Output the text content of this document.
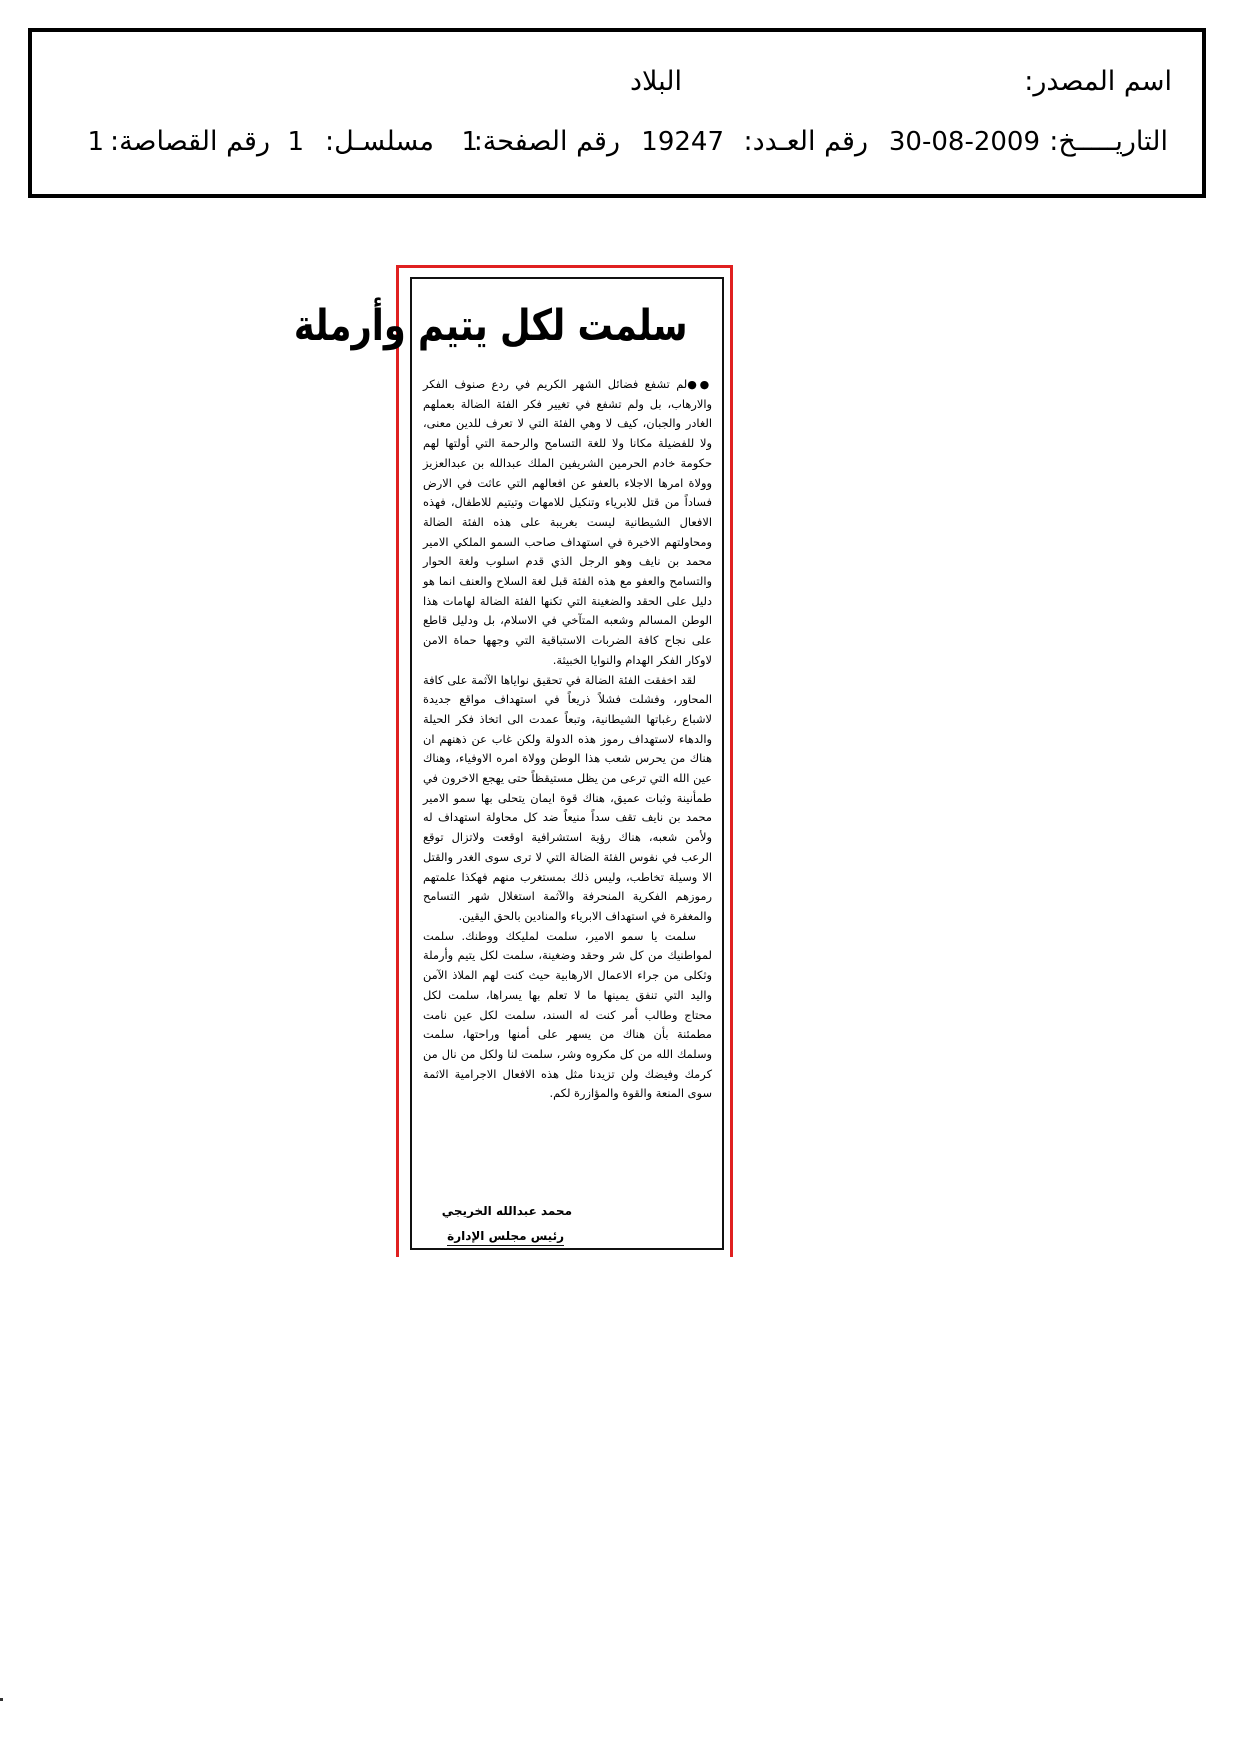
اسم المصدر:
البلاد
التاريـــــخ:
30-08-2009
رقم العـدد:
19247
رقم الصفحة:
1
مسلسـل:
1
رقم القصاصة:
1
سلمت لكل يتيم وأرملة

●●لم تشفع فضائل الشهر الكريم في ردع صنوف الفكر والارهاب، بل ولم تشفع في تغيير فكر الفئة الضالة بعملهم الغادر والجبان، كيف لا وهي الفئة التي لا تعرف للدين معنى، ولا للفضيلة مكانا ولا للغة التسامح والرحمة التي أولتها لهم حكومة خادم الحرمين الشريفين الملك عبدالله بن عبدالعزيز وولاة امرها الاجلاء بالعفو عن افعالهم التي عاثت في الارض فساداً من قتل للابرياء وتنكيل للامهات وتيتيم للاطفال، فهذه الافعال الشيطانية ليست بغريبة على هذه الفئة الضالة ومحاولتهم الاخيرة في استهداف صاحب السمو الملكي الامير محمد بن نايف وهو الرجل الذي قدم اسلوب ولغة الحوار والتسامح والعفو مع هذه الفئة قبل لغة السلاح والعنف انما هو دليل على الحقد والضغينة التي تكنها الفئة الضالة لهامات هذا الوطن المسالم وشعبه المتآخي في الاسلام، بل ودليل قاطع على نجاح كافة الضربات الاستباقية التي وجهها حماة الامن لاوكار الفكر الهدام والنوايا الخبيثة.

لقد اخفقت الفئة الضالة في تحقيق نواياها الآثمة على كافة المحاور، وفشلت فشلاً ذريعاً في استهداف مواقع جديدة لاشباع رغباتها الشيطانية، وتبعاً عمدت الى اتخاذ فكر الحيلة والدهاء لاستهداف رموز هذه الدولة ولكن غاب عن ذهنهم ان هناك من يحرس شعب هذا الوطن وولاة امره الاوفياء، وهناك عين الله التي ترعى من يظل مستيقظاً حتى يهجع الاخرون في طمأنينة وثبات عميق، هناك قوة ايمان يتحلى بها سمو الامير محمد بن نايف تقف سداً منيعاً ضد كل محاولة استهداف له ولأمن شعبه، هناك رؤية استشرافية اوقعت ولاتزال توقع الرعب في نفوس الفئة الضالة التي لا ترى سوى الغدر والقتل الا وسيلة تخاطب، وليس ذلك بمستغرب منهم فهكذا علمتهم رموزهم الفكرية المنحرفة والآثمة استغلال شهر التسامح والمغفرة في استهداف الابرياء والمنادين بالحق اليقين.

سلمت يا سمو الامير، سلمت لمليكك ووطنك. سلمت لمواطنيك من كل شر وحقد وضغينة، سلمت لكل يتيم وأرملة وثكلى من جراء الاعمال الارهابية حيث كنت لهم الملاذ الآمن واليد التي تنفق يمينها ما لا تعلم بها يسراها، سلمت لكل محتاج وطالب أمر كنت له السند، سلمت لكل عين نامت مطمئنة بأن هناك من يسهر على أمنها وراحتها، سلمت وسلمك الله من كل مكروه وشر، سلمت لنا ولكل من نال من كرمك وفيضك ولن تزيدنا مثل هذه الافعال الاجرامية الاثمة سوى المنعة والقوة والمؤازرة لكم.

محمد عبدالله الخريجي
رئيس مجلس الإدارة
